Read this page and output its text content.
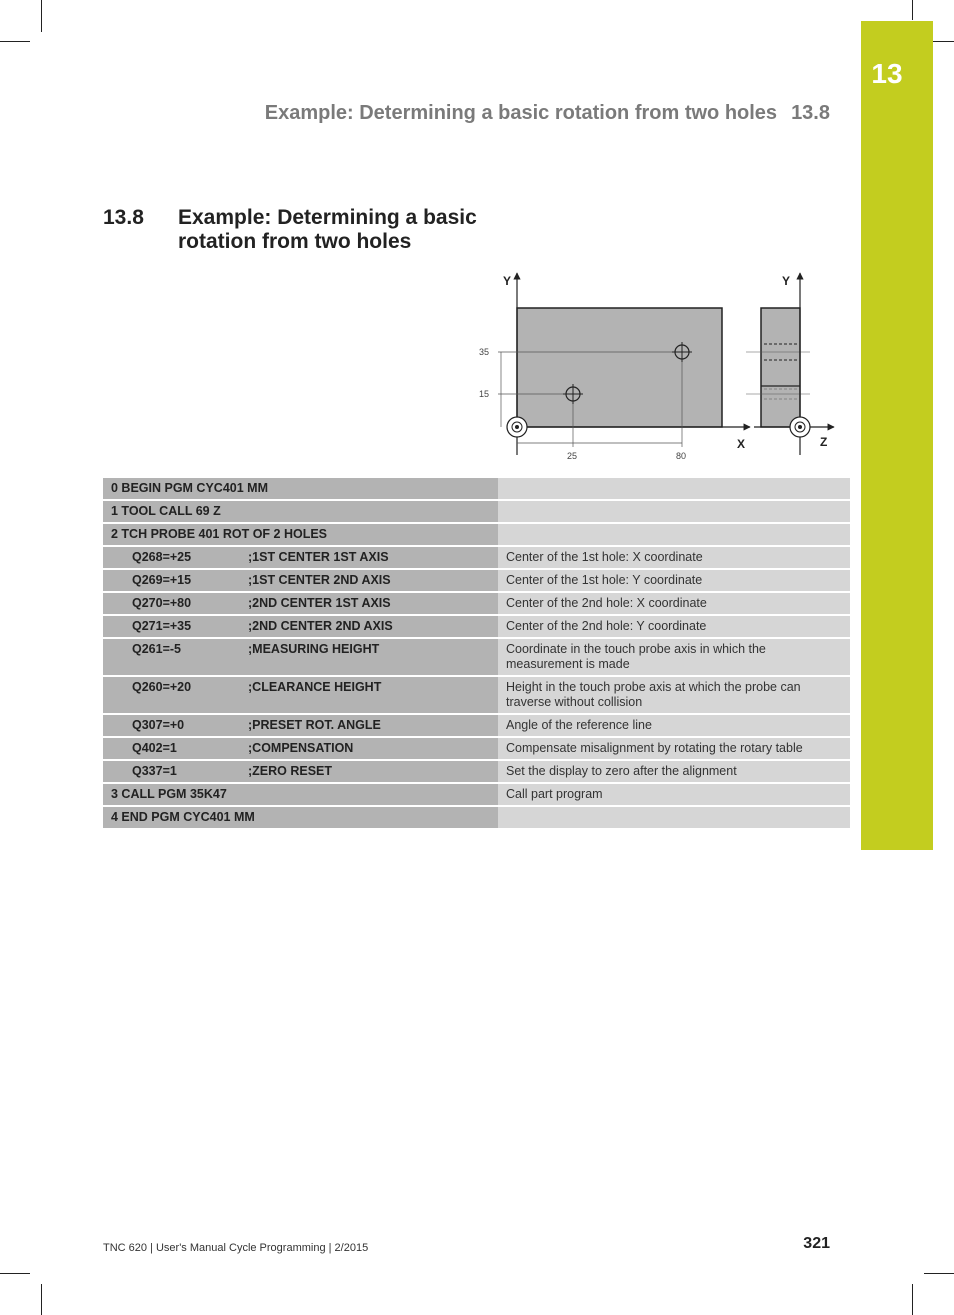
13
Example: Determining a basic rotation from two holes 13.8
13.8 Example: Determining a basic rotation from two holes
Y
X
35
15
25	80
Y
Z
0 BEGIN PGM CYC401 MM	
1 TOOL CALL 69 Z	
2 TCH PROBE 401 ROT OF 2 HOLES	
Q268=+25 ;1ST CENTER 1ST AXIS	Center of the 1st hole: X coordinate
Q269=+15 ;1ST CENTER 2ND AXIS	Center of the 1st hole: Y coordinate
Q270=+80 ;2ND CENTER 1ST AXIS	Center of the 2nd hole: X coordinate
Q271=+35 ;2ND CENTER 2ND AXIS	Center of the 2nd hole: Y coordinate
Q261=-5 ;MEASURING HEIGHT	Coordinate in the touch probe axis in which the measurement is made
Q260=+20 ;CLEARANCE HEIGHT	Height in the touch probe axis at which the probe can traverse without collision
Q307=+0 ;PRESET ROT. ANGLE	Angle of the reference line
Q402=1 ;COMPENSATION	Compensate misalignment by rotating the rotary table
Q337=1 ;ZERO RESET	Set the display to zero after the alignment
3 CALL PGM 35K47	Call part program
4 END PGM CYC401 MM	
TNC 620 | User's Manual Cycle Programming | 2/2015	321
